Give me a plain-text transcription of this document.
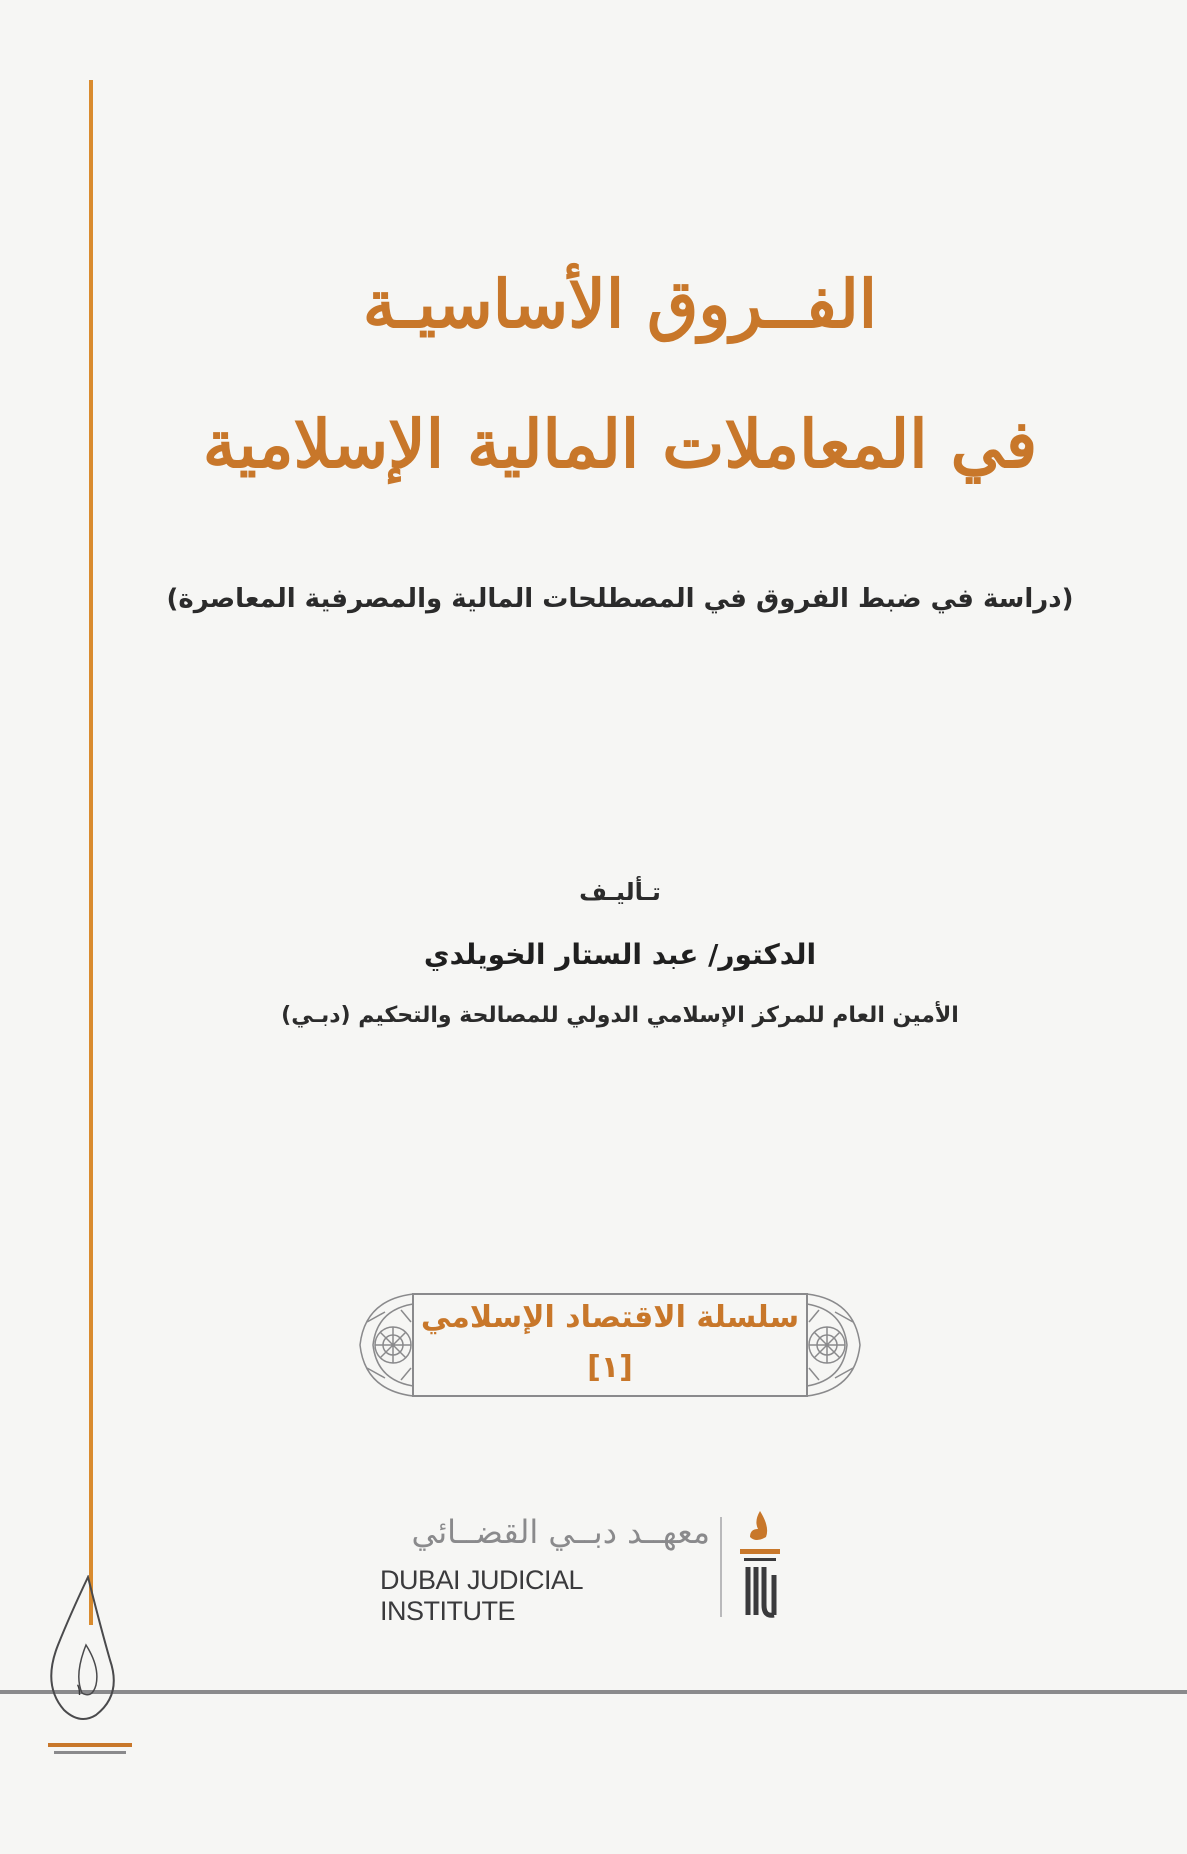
الفــروق الأساسيـة
في المعاملات المالية الإسلامية
(دراسة في ضبط الفروق في المصطلحات المالية والمصرفية المعاصرة)
تـأليـف
الدكتور/ عبد الستار الخويلدي
الأمين العام للمركز الإسلامي الدولي للمصالحة والتحكيم (دبـي)
سلسلة الاقتصاد الإسلامي
[١]
معهــد دبــي القضــائي
DUBAI JUDICIAL INSTITUTE
١
